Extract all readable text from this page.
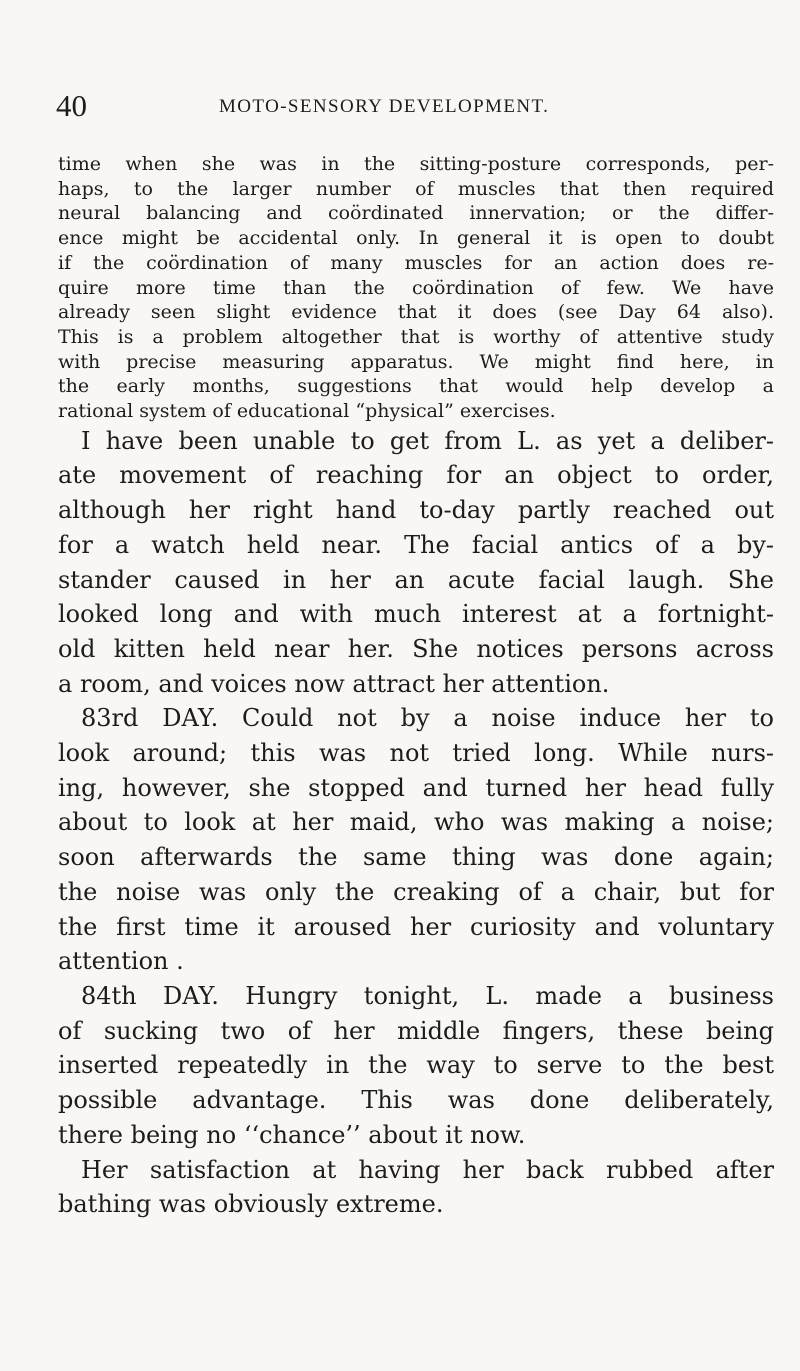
40	MOTO-SENSORY DEVELOPMENT.
time when she was in the sitting-posture corresponds, per-
haps, to the larger number of muscles that then required
neural balancing and coördinated innervation; or the differ-
ence might be accidental only. In general it is open to doubt
if the coördination of many muscles for an action does re-
quire more time than the coördination of few. We have
already seen slight evidence that it does (see Day 64 also).
This is a problem altogether that is worthy of attentive study
with precise measuring apparatus. We might find here, in
the early months, suggestions that would help develop a
rational system of educational “physical” exercises.
I have been unable to get from L. as yet a deliber-
ate movement of reaching for an object to order,
although her right hand to-day partly reached out
for a watch held near. The facial antics of a by-
stander caused in her an acute facial laugh. She
looked long and with much interest at a fortnight-
old kitten held near her. She notices persons across
a room, and voices now attract her attention.
83rd DAY. Could not by a noise induce her to
look around; this was not tried long. While nurs-
ing, however, she stopped and turned her head fully
about to look at her maid, who was making a noise;
soon afterwards the same thing was done again;
the noise was only the creaking of a chair, but for
the first time it aroused her curiosity and voluntary
attention .
84th DAY. Hungry tonight, L. made a business
of sucking two of her middle fingers, these being
inserted repeatedly in the way to serve to the best
possible advantage. This was done deliberately,
there being no ‘‘chance’’ about it now.
Her satisfaction at having her back rubbed after
bathing was obviously extreme.
